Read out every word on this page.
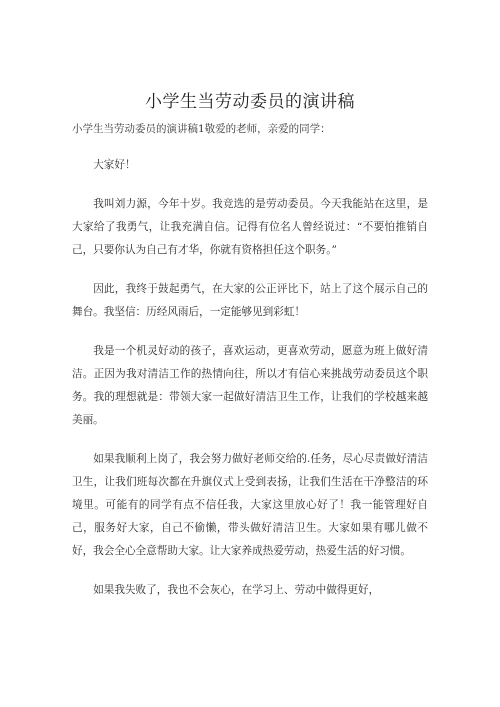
小学生当劳动委员的演讲稿
小学生当劳动委员的演讲稿1敬爱的老师，亲爱的同学：

大家好！

我叫刘力源，今年十岁。我竞选的是劳动委员。今天我能站在这里，是大家给了我勇气，让我充满自信。记得有位名人曾经说过：“不要怕推销自己，只要你认为自己有才华，你就有资格担任这个职务。”

因此，我终于鼓起勇气，在大家的公正评比下，站上了这个展示自己的舞台。我坚信：历经风雨后，一定能够见到彩虹！

我是一个机灵好动的孩子，喜欢运动，更喜欢劳动，愿意为班上做好清洁。正因为我对清洁工作的热情向往，所以才有信心来挑战劳动委员这个职务。我的理想就是：带领大家一起做好清洁卫生工作，让我们的学校越来越美丽。

如果我顺利上岗了，我会努力做好老师交给的.任务，尽心尽责做好清洁卫生，让我们班每次都在升旗仪式上受到表扬，让我们生活在干净整洁的环境里。可能有的同学有点不信任我，大家这里放心好了！我一能管理好自己，服务好大家，自己不偷懒，带头做好清洁卫生。大家如果有哪儿做不好，我会全心全意帮助大家。让大家养成热爱劳动，热爱生活的好习惯。

如果我失败了，我也不会灰心，在学习上、劳动中做得更好，
